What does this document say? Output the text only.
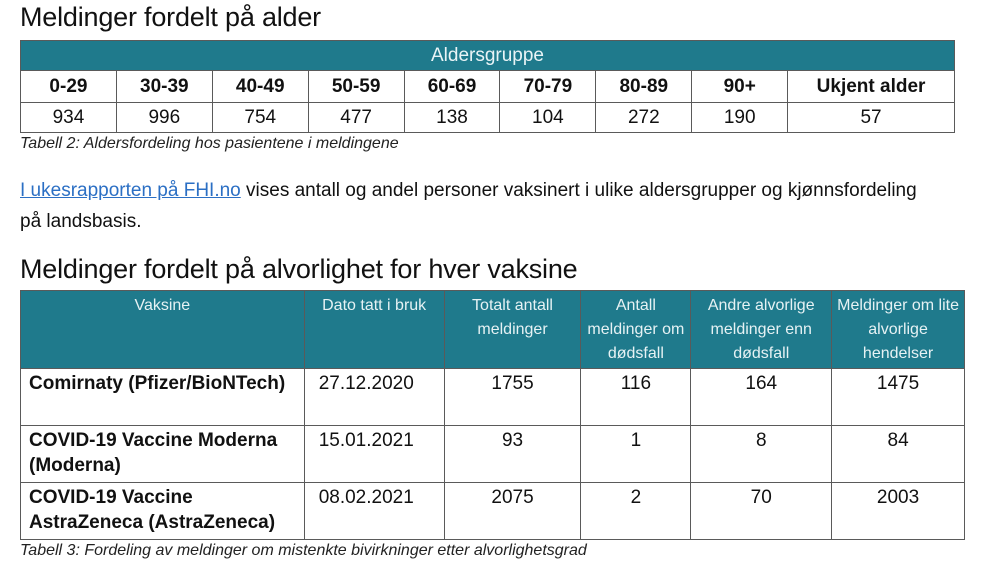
Meldinger fordelt på alder
Aldersgruppe								
0-29	30-39	40-49	50-59	60-69	70-79	80-89	90+	Ukjent alder
934	996	754	477	138	104	272	190	57
Tabell 2: Aldersfordeling hos pasientene i meldingene
I ukesrapporten på FHI.no vises antall og andel personer vaksinert i ulike aldersgrupper og kjønnsfordeling på landsbasis.
Meldinger fordelt på alvorlighet for hver vaksine
Vaksine	Dato tatt i bruk	Totalt antall meldinger	Antall meldinger om dødsfall	Andre alvorlige meldinger enn dødsfall	Meldinger om lite alvorlige hendelser
Comirnaty (Pfizer/BioNTech)	27.12.2020	1755	116	164	1475
COVID-19 Vaccine Moderna (Moderna)	15.01.2021	93	1	8	84
COVID-19 Vaccine AstraZeneca (AstraZeneca)	08.02.2021	2075	2	70	2003
Tabell 3: Fordeling av meldinger om mistenkte bivirkninger etter alvorlighetsgrad
